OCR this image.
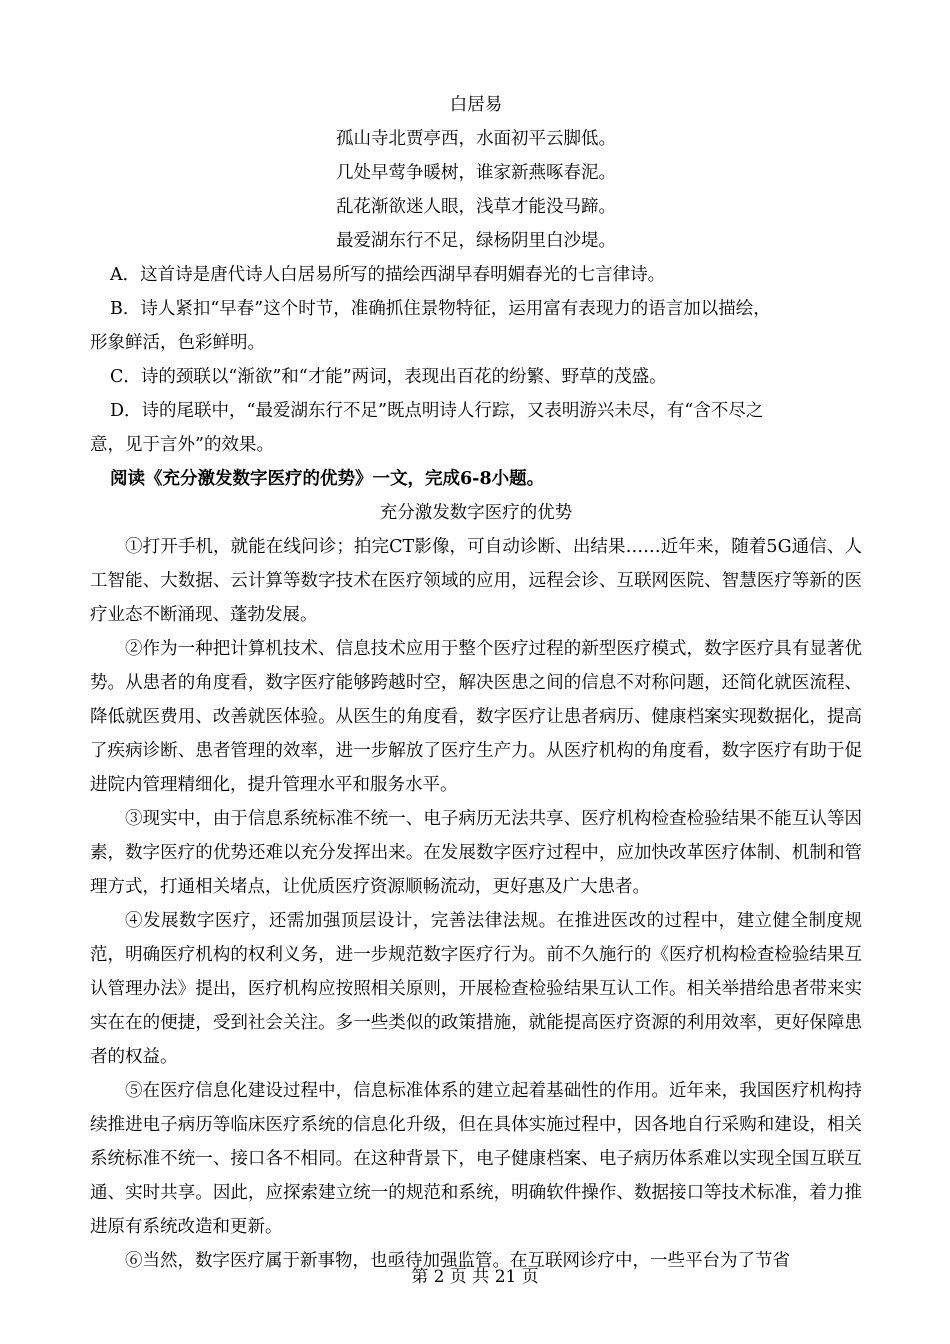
白居易
孤山寺北贾亭西，水面初平云脚低。
几处早莺争暖树，谁家新燕啄春泥。
乱花渐欲迷人眼，浅草才能没马蹄。
最爱湖东行不足，绿杨阴里白沙堤。
A．这首诗是唐代诗人白居易所写的描绘西湖早春明媚春光的七言律诗。
B．诗人紧扣“早春”这个时节，准确抓住景物特征，运用富有表现力的语言加以描绘，
形象鲜活，色彩鲜明。
C．诗的颈联以“渐欲”和“才能”两词，表现出百花的纷繁、野草的茂盛。
D．诗的尾联中，“最爱湖东行不足”既点明诗人行踪，又表明游兴未尽，有“含不尽之
意，见于言外”的效果。
阅读《充分激发数字医疗的优势》一文，完成6-8小题。
充分激发数字医疗的优势
①打开手机，就能在线问诊；拍完CT影像，可自动诊断、出结果……近年来，随着5G通信、人工智能、大数据、云计算等数字技术在医疗领域的应用，远程会诊、互联网医院、智慧医疗等新的医疗业态不断涌现、蓬勃发展。
②作为一种把计算机技术、信息技术应用于整个医疗过程的新型医疗模式，数字医疗具有显著优势。从患者的角度看，数字医疗能够跨越时空，解决医患之间的信息不对称问题，还简化就医流程、降低就医费用、改善就医体验。从医生的角度看，数字医疗让患者病历、健康档案实现数据化，提高了疾病诊断、患者管理的效率，进一步解放了医疗生产力。从医疗机构的角度看，数字医疗有助于促进院内管理精细化，提升管理水平和服务水平。
③现实中，由于信息系统标准不统一、电子病历无法共享、医疗机构检查检验结果不能互认等因素，数字医疗的优势还难以充分发挥出来。在发展数字医疗过程中，应加快改革医疗体制、机制和管理方式，打通相关堵点，让优质医疗资源顺畅流动，更好惠及广大患者。
④发展数字医疗，还需加强顶层设计，完善法律法规。在推进医改的过程中，建立健全制度规范，明确医疗机构的权利义务，进一步规范数字医疗行为。前不久施行的《医疗机构检查检验结果互认管理办法》提出，医疗机构应按照相关原则，开展检查检验结果互认工作。相关举措给患者带来实实在在的便捷，受到社会关注。多一些类似的政策措施，就能提高医疗资源的利用效率，更好保障患者的权益。
⑤在医疗信息化建设过程中，信息标准体系的建立起着基础性的作用。近年来，我国医疗机构持续推进电子病历等临床医疗系统的信息化升级，但在具体实施过程中，因各地自行采购和建设，相关系统标准不统一、接口各不相同。在这种背景下，电子健康档案、电子病历体系难以实现全国互联互通、实时共享。因此，应探索建立统一的规范和系统，明确软件操作、数据接口等技术标准，着力推进原有系统改造和更新。
⑥当然，数字医疗属于新事物，也亟待加强监管。在互联网诊疗中，一些平台为了节省
第 2 页 共 21 页
